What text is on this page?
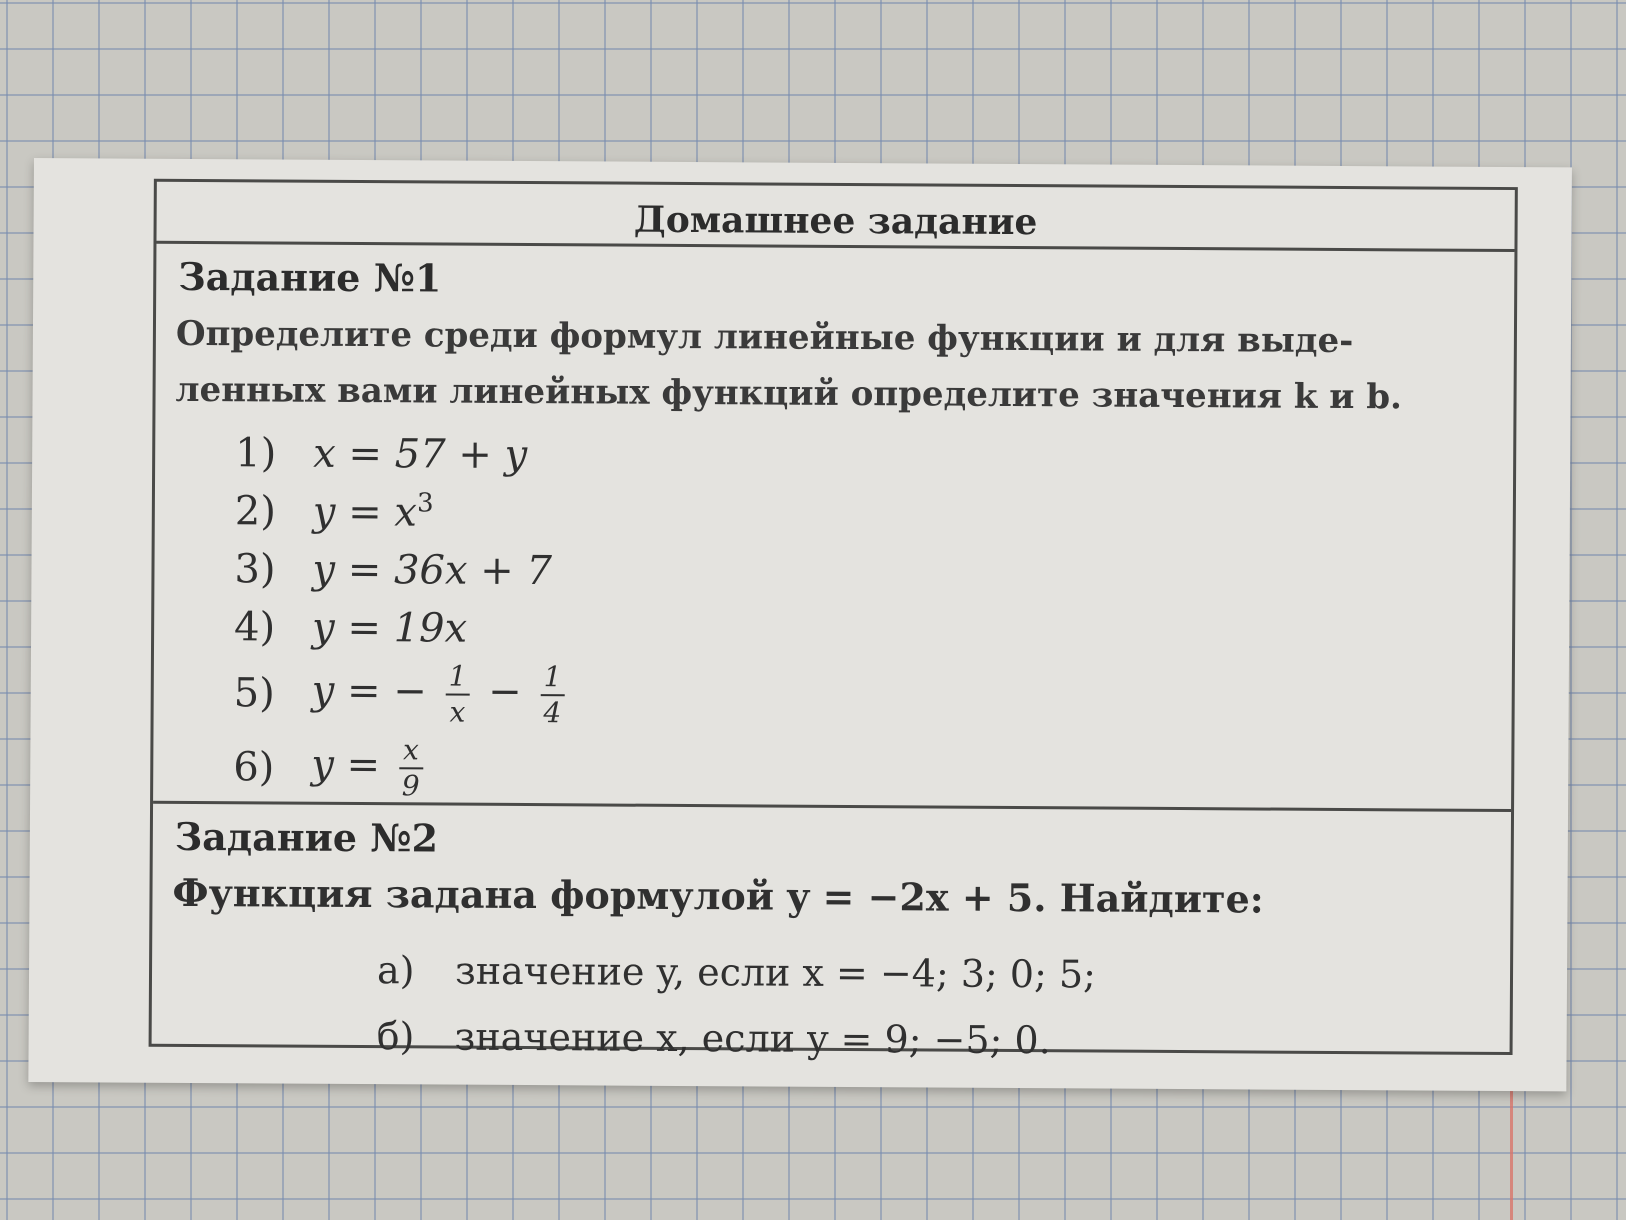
Домашнее задание
Задание №1
Определите среди формул линейные функции и для выде-
ленных вами линейных функций определите значения k и b.
1) x = 57 + y
2) $y = x^3$
3) y = 36x + 7
4) y = 19x
5) y = − $\frac{1}{x} - \frac{1}{4}$
6) $y = \frac{x}{9}$
Задание №2
Функция задана формулой y = −2x + 5. Найдите:
а)	значение y, если x = −4; 3; 0; 5;
б)	значение x, если y = 9; −5; 0.
